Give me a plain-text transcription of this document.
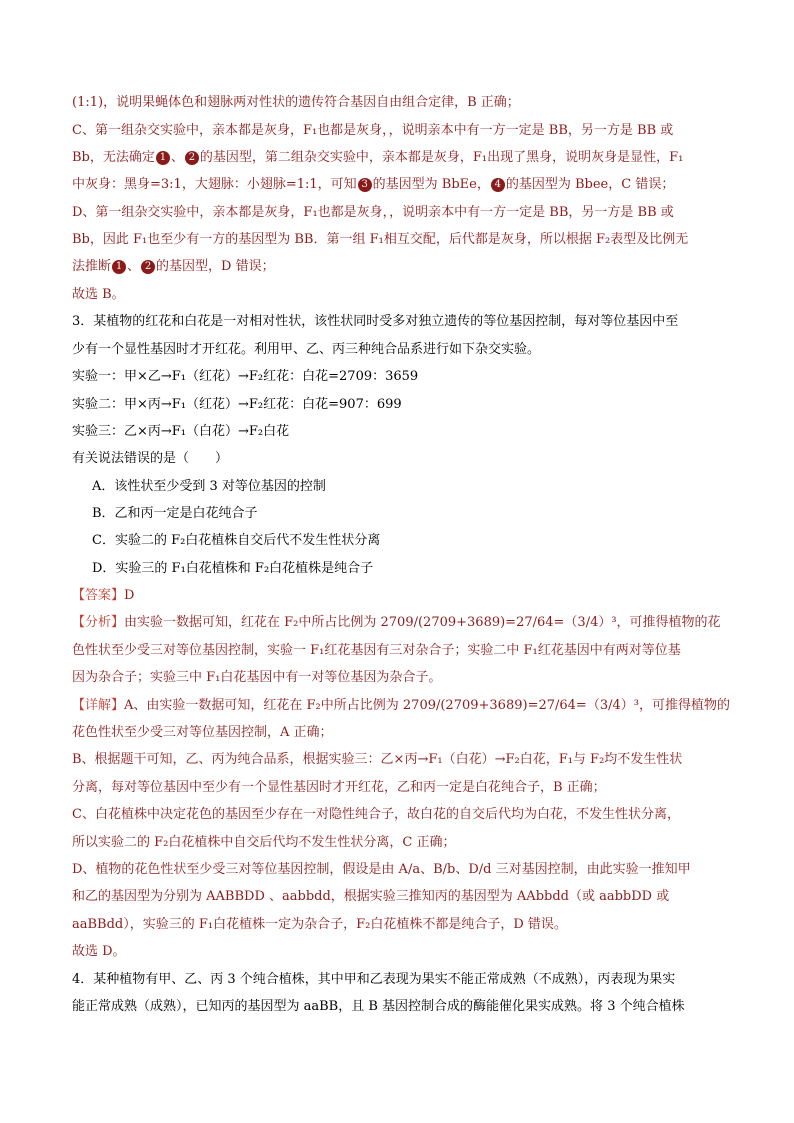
(1:1)，说明果蝇体色和翅脉两对性状的遗传符合基因自由组合定律，B 正确；
C、第一组杂交实验中，亲本都是灰身，F₁也都是灰身，，说明亲本中有一方一定是 BB，另一方是 BB 或
Bb，无法确定 1 、 2 的基因型，第二组杂交实验中，亲本都是灰身，F₁出现了黑身，说明灰身是显性，F₁
中灰身：黑身=3:1，大翅脉：小翅脉=1:1，可知 3 的基因型为 BbEe， 4 的基因型为 Bbee，C 错误；
D、第一组杂交实验中，亲本都是灰身，F₁也都是灰身，，说明亲本中有一方一定是 BB，另一方是 BB 或
Bb，因此 F₁也至少有一方的基因型为 BB．第一组 F₁相互交配，后代都是灰身，所以根据 F₂表型及比例无
法推断 1 、 2 的基因型，D 错误；
故选 B。
3．某植物的红花和白花是一对相对性状，该性状同时受多对独立遗传的等位基因控制，每对等位基因中至
少有一个显性基因时才开红花。利用甲、乙、丙三种纯合品系进行如下杂交实验。
实验一：甲×乙→F₁（红花）→F₂红花：白花=2709：3659
实验二：甲×丙→F₁（红花）→F₂红花：白花=907：699
实验三：乙×丙→F₁（白花）→F₂白花
有关说法错误的是（　　）
A．该性状至少受到 3 对等位基因的控制
B．乙和丙一定是白花纯合子
C．实验二的 F₂白花植株自交后代不发生性状分离
D．实验三的 F₁白花植株和 F₂白花植株是纯合子
【答案】D
【分析】由实验一数据可知，红花在 F₂中所占比例为 2709/(2709+3689)=27/64=（3/4）³，可推得植物的花
色性状至少受三对等位基因控制，实验一 F₁红花基因有三对杂合子；实验二中 F₁红花基因中有两对等位基
因为杂合子；实验三中 F₁白花基因中有一对等位基因为杂合子。
【详解】A、由实验一数据可知，红花在 F₂中所占比例为 2709/(2709+3689)=27/64=（3/4）³，可推得植物的
花色性状至少受三对等位基因控制，A 正确；
B、根据题干可知，乙、丙为纯合品系，根据实验三：乙×丙→F₁（白花）→F₂白花，F₁与 F₂均不发生性状
分离，每对等位基因中至少有一个显性基因时才开红花，乙和丙一定是白花纯合子，B 正确；
C、白花植株中决定花色的基因至少存在一对隐性纯合子，故白花的自交后代均为白花，不发生性状分离，
所以实验二的 F₂白花植株中自交后代均不发生性状分离，C 正确；
D、植物的花色性状至少受三对等位基因控制，假设是由 A/a、B/b、D/d 三对基因控制，由此实验一推知甲
和乙的基因型为分别为 AABBDD 、aabbdd，根据实验三推知丙的基因型为 AAbbdd（或 aabbDD 或
aaBBdd），实验三的 F₁白花植株一定为杂合子，F₂白花植株不都是纯合子，D 错误。
故选 D。
4．某种植物有甲、乙、丙 3 个纯合植株，其中甲和乙表现为果实不能正常成熟（不成熟），丙表现为果实
能正常成熟（成熟），已知丙的基因型为 aaBB，且 B 基因控制合成的酶能催化果实成熟。将 3 个纯合植株
